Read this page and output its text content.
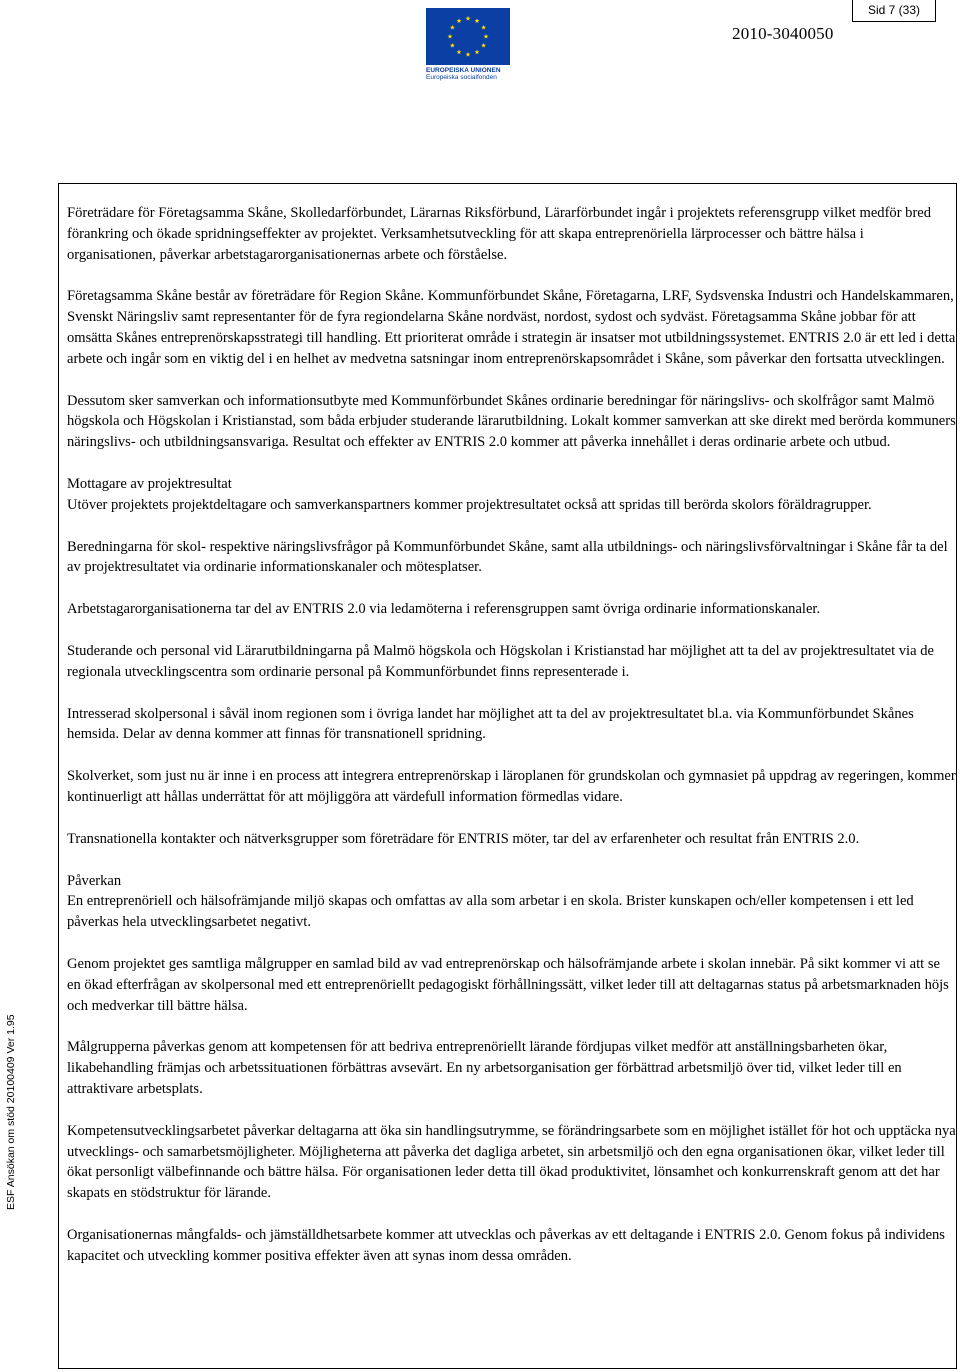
Sid 7 (33)
EUROPEISKA UNIONEN
Europeiska socialfonden
2010-3040050
ESF Ansökan om stöd 20100409 Ver 1.95

Företrädare för Företagsamma Skåne, Skolledarförbundet, Lärarnas Riksförbund, Lärarförbundet ingår i projektets referensgrupp vilket medför bred förankring och ökade spridningseffekter av projektet. Verksamhetsutveckling för att skapa entreprenöriella lärprocesser och bättre hälsa i organisationen, påverkar arbetstagarorganisationernas arbete och förståelse.

Företagsamma Skåne består av företrädare för Region Skåne. Kommunförbundet Skåne, Företagarna, LRF, Sydsvenska Industri och Handelskammaren, Svenskt Näringsliv samt representanter för de fyra regiondelarna Skåne nordväst, nordost, sydost och sydväst. Företagsamma Skåne jobbar för att omsätta Skånes entreprenörskapsstrategi till handling. Ett prioriterat område i strategin är insatser mot utbildningssystemet. ENTRIS 2.0 är ett led i detta arbete och ingår som en viktig del i en helhet av medvetna satsningar inom entreprenörskapsområdet i Skåne, som påverkar den fortsatta utvecklingen.

Dessutom sker samverkan och informationsutbyte med Kommunförbundet Skånes ordinarie beredningar för näringslivs- och skolfrågor samt Malmö högskola och Högskolan i Kristianstad, som båda erbjuder studerande lärarutbildning. Lokalt kommer samverkan att ske direkt med berörda kommuners näringslivs- och utbildningsansvariga. Resultat och effekter av ENTRIS 2.0 kommer att påverka innehållet i deras ordinarie arbete och utbud.

Mottagare av projektresultat

Utöver projektets projektdeltagare och samverkanspartners kommer projektresultatet också att spridas till berörda skolors föräldragrupper.

Beredningarna för skol- respektive näringslivsfrågor på Kommunförbundet Skåne, samt alla utbildnings- och näringslivsförvaltningar i Skåne får ta del av projektresultatet via ordinarie informationskanaler och mötesplatser.

Arbetstagarorganisationerna tar del av ENTRIS 2.0 via ledamöterna i referensgruppen samt övriga ordinarie informationskanaler.

Studerande och personal vid Lärarutbildningarna på Malmö högskola och Högskolan i Kristianstad har möjlighet att ta del av projektresultatet via de regionala utvecklingscentra som ordinarie personal på Kommunförbundet finns representerade i.

Intresserad skolpersonal i såväl inom regionen som i övriga landet har möjlighet att ta del av projektresultatet bl.a. via Kommunförbundet Skånes hemsida. Delar av denna kommer att finnas för transnationell spridning.

Skolverket, som just nu är inne i en process att integrera entreprenörskap i läroplanen för grundskolan och gymnasiet på uppdrag av regeringen, kommer kontinuerligt att hållas underrättat för att möjliggöra att värdefull information förmedlas vidare.

Transnationella kontakter och nätverksgrupper som företrädare för ENTRIS möter, tar del av erfarenheter och resultat från ENTRIS 2.0.

Påverkan

En entreprenöriell och hälsofrämjande miljö skapas och omfattas av alla som arbetar i en skola. Brister kunskapen och/eller kompetensen i ett led påverkas hela utvecklingsarbetet negativt.

Genom projektet ges samtliga målgrupper en samlad bild av vad entreprenörskap och hälsofrämjande arbete i skolan innebär. På sikt kommer vi att se en ökad efterfrågan av skolpersonal med ett entreprenöriellt pedagogiskt förhållningssätt, vilket leder till att deltagarnas status på arbetsmarknaden höjs och medverkar till bättre hälsa.

Målgrupperna påverkas genom att kompetensen för att bedriva entreprenöriellt lärande fördjupas vilket medför att anställningsbarheten ökar, likabehandling främjas och arbetssituationen förbättras avsevärt. En ny arbetsorganisation ger förbättrad arbetsmiljö över tid, vilket leder till en attraktivare arbetsplats.

Kompetensutvecklingsarbetet påverkar deltagarna att öka sin handlingsutrymme, se förändringsarbete som en möjlighet istället för hot och upptäcka nya utvecklings- och samarbetsmöjligheter. Möjligheterna att påverka det dagliga arbetet, sin arbetsmiljö och den egna organisationen ökar, vilket leder till ökat personligt välbefinnande och bättre hälsa. För organisationen leder detta till ökad produktivitet, lönsamhet och konkurrenskraft genom att det har skapats en stödstruktur för lärande.

Organisationernas mångfalds- och jämställdhetsarbete kommer att utvecklas och påverkas av ett deltagande i ENTRIS 2.0. Genom fokus på individens kapacitet och utveckling kommer positiva effekter även att synas inom dessa områden.
